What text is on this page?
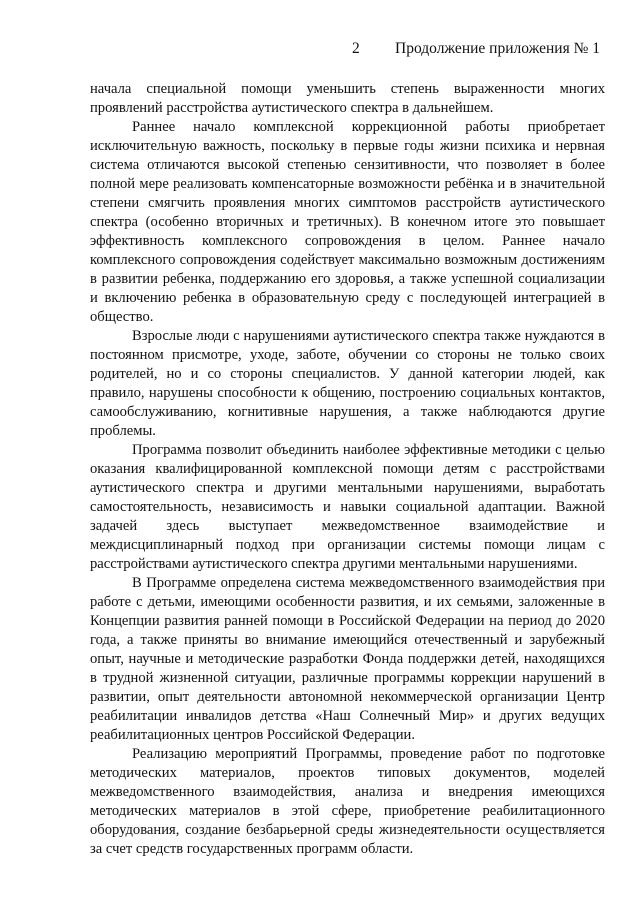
2 Продолжение приложения № 1

начала специальной помощи уменьшить степень выраженности многих проявлений расстройства аутистического спектра в дальнейшем.

Раннее начало комплексной коррекционной работы приобретает исключительную важность, поскольку в первые годы жизни психика и нервная система отличаются высокой степенью сензитивности, что позволяет в более полной мере реализовать компенсаторные возможности ребёнка и в значительной степени смягчить проявления многих симптомов расстройств аутистического спектра (особенно вторичных и третичных). В конечном итоге это повышает эффективность комплексного сопровождения в целом. Раннее начало комплексного сопровождения содействует максимально возможным достижениям в развитии ребенка, поддержанию его здоровья, а также успешной социализации и включению ребенка в образовательную среду с последующей интеграцией в общество.

Взрослые люди с нарушениями аутистического спектра также нуждаются в постоянном присмотре, уходе, заботе, обучении со стороны не только своих родителей, но и со стороны специалистов. У данной категории людей, как правило, нарушены способности к общению, построению социальных контактов, самообслуживанию, когнитивные нарушения, а также наблюдаются другие проблемы.

Программа позволит объединить наиболее эффективные методики с целью оказания квалифицированной комплексной помощи детям с расстройствами аутистического спектра и другими ментальными нарушениями, выработать самостоятельность, независимость и навыки социальной адаптации. Важной задачей здесь выступает межведомственное взаимодействие и междисциплинарный подход при организации системы помощи лицам с расстройствами аутистического спектра другими ментальными нарушениями.

В Программе определена система межведомственного взаимодействия при работе с детьми, имеющими особенности развития, и их семьями, заложенные в Концепции развития ранней помощи в Российской Федерации на период до 2020 года, а также приняты во внимание имеющийся отечественный и зарубежный опыт, научные и методические разработки Фонда поддержки детей, находящихся в трудной жизненной ситуации, различные программы коррекции нарушений в развитии, опыт деятельности автономной некоммерческой организации Центр реабилитации инвалидов детства «Наш Солнечный Мир» и других ведущих реабилитационных центров Российской Федерации.

Реализацию мероприятий Программы, проведение работ по подготовке методических материалов, проектов типовых документов, моделей межведомственного взаимодействия, анализа и внедрения имеющихся методических материалов в этой сфере, приобретение реабилитационного оборудования, создание безбарьерной среды жизнедеятельности осуществляется за счет средств государственных программ области.
